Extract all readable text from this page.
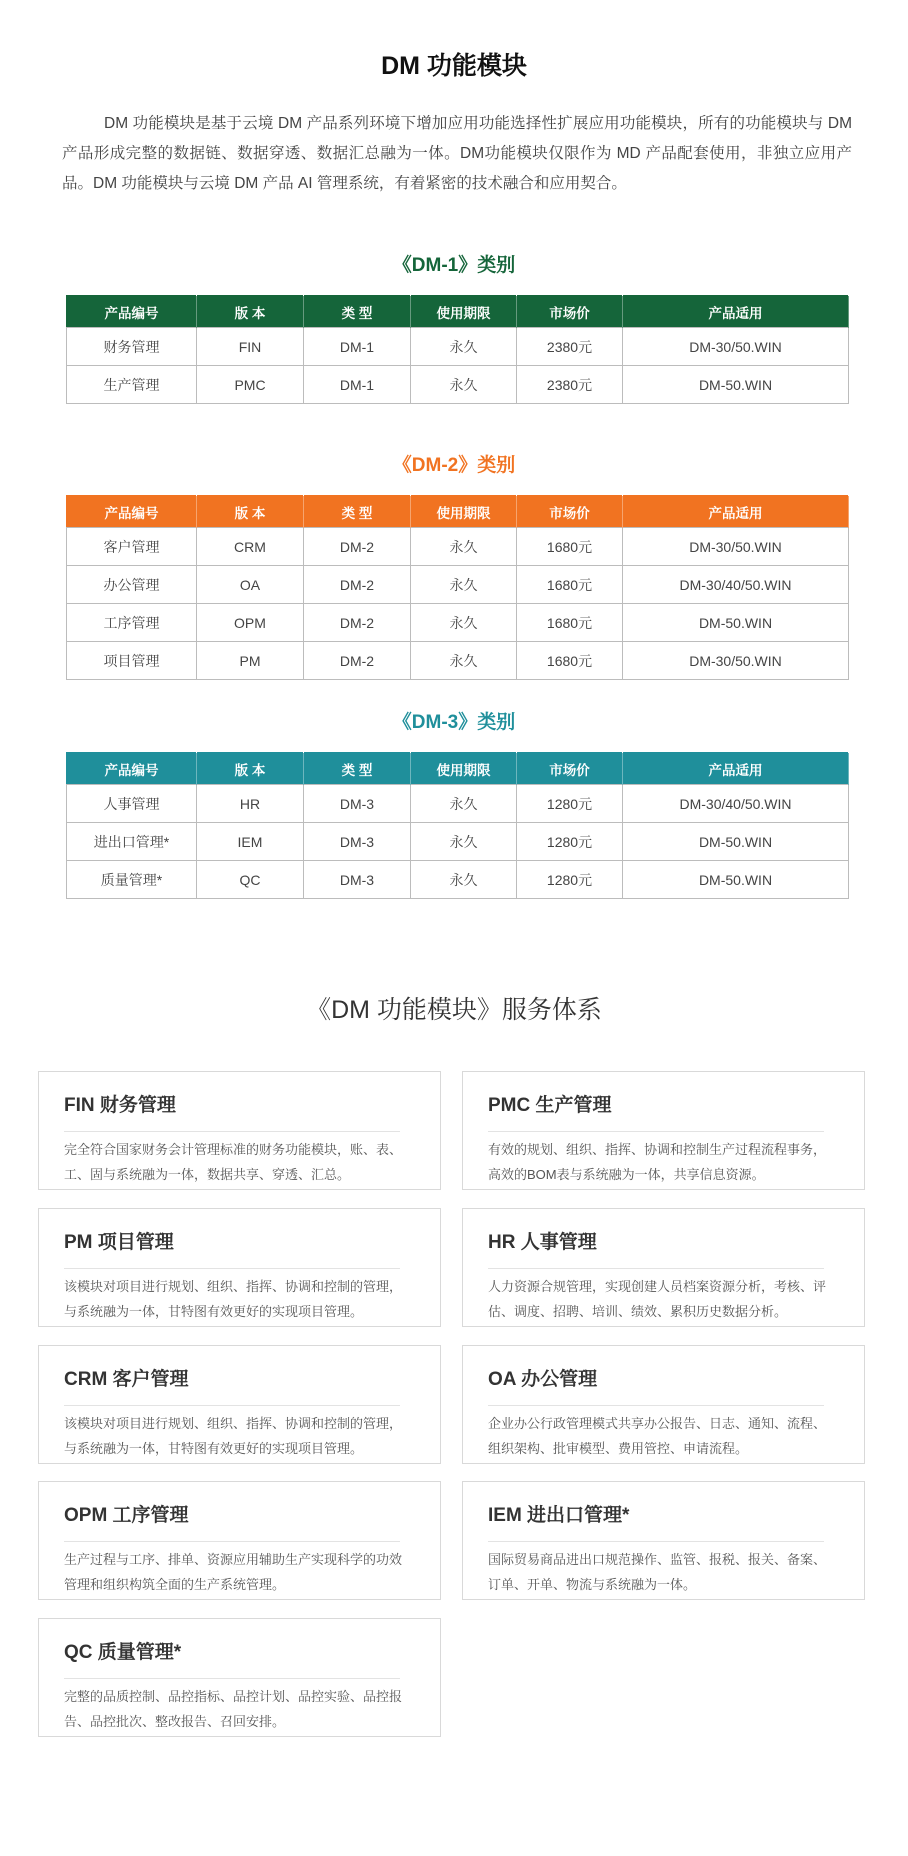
DM 功能模块

DM 功能模块是基于云境 DM 产品系列环境下增加应用功能选择性扩展应用功能模块，所有的功能模块与 DM 产品形成完整的数据链、数据穿透、数据汇总融为一体。DM功能模块仅限作为 MD 产品配套使用，非独立应用产品。DM 功能模块与云境 DM 产品 AI 管理系统，有着紧密的技术融合和应用契合。

《DM-1》类别
产品编号	版 本	类 型	使用期限	市场价	产品适用
财务管理	FIN	DM-1	永久	2380元	DM-30/50.WIN
生产管理	PMC	DM-1	永久	2380元	DM-50.WIN
《DM-2》类别
产品编号	版 本	类 型	使用期限	市场价	产品适用
客户管理	CRM	DM-2	永久	1680元	DM-30/50.WIN
办公管理	OA	DM-2	永久	1680元	DM-30/40/50.WIN
工序管理	OPM	DM-2	永久	1680元	DM-50.WIN
项目管理	PM	DM-2	永久	1680元	DM-30/50.WIN
《DM-3》类别
产品编号	版 本	类 型	使用期限	市场价	产品适用
人事管理	HR	DM-3	永久	1280元	DM-30/40/50.WIN
进出口管理*	IEM	DM-3	永久	1280元	DM-50.WIN
质量管理*	QC	DM-3	永久	1280元	DM-50.WIN
《DM 功能模块》服务体系
FIN 财务管理

完全符合国家财务会计管理标准的财务功能模块，账、表、工、固与系统融为一体，数据共享、穿透、汇总。

PMC 生产管理

有效的规划、组织、指挥、协调和控制生产过程流程事务，高效的BOM表与系统融为一体，共享信息资源。

PM 项目管理

该模块对项目进行规划、组织、指挥、协调和控制的管理，与系统融为一体，甘特图有效更好的实现项目管理。

HR 人事管理

人力资源合规管理，实现创建人员档案资源分析，考核、评估、调度、招聘、培训、绩效、累积历史数据分析。

CRM 客户管理

该模块对项目进行规划、组织、指挥、协调和控制的管理，与系统融为一体，甘特图有效更好的实现项目管理。

OA 办公管理

企业办公行政管理模式共享办公报告、日志、通知、流程、组织架构、批审模型、费用管控、申请流程。

OPM 工序管理

生产过程与工序、排单、资源应用辅助生产实现科学的功效管理和组织构筑全面的生产系统管理。

IEM 进出口管理*

国际贸易商品进出口规范操作、监管、报税、报关、备案、订单、开单、物流与系统融为一体。

QC 质量管理*

完整的品质控制、品控指标、品控计划、品控实验、品控报告、品控批次、整改报告、召回安排。
